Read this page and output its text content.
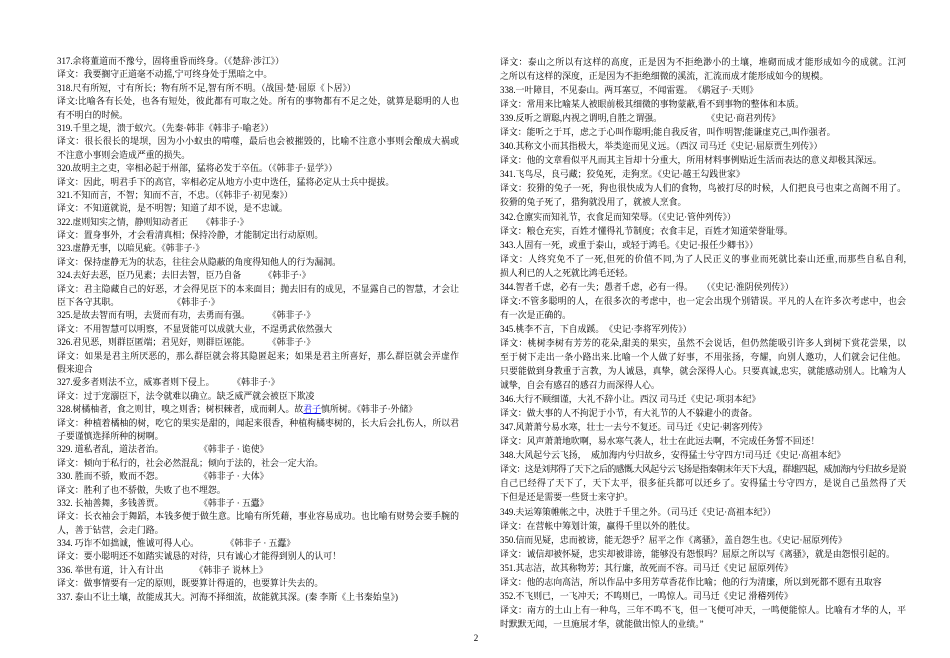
317.余将董道而不豫兮，固将重昏而终身。（《楚辞·涉江》）
译文：我要搁守正道毫不动摇,宁可终身处于黑暗之中。
318.尺有所短，寸有所长；物有所不足,智有所不明。（战国·楚·屈原《卜居》）
译文:比喻各有长处，也各有短处，彼此都有可取之处。所有的事物都有不足之处，就算是聪明的人也
有不明白的时候。
319.千里之堤，溃于蚁穴。（先秦·韩非《韩非子·喻老》）
译文：很长很长的堤坝，因为小小蚁虫的啃噬，最后也会被摧毁的，比喻不注意小事则会酿成大祸或
不注意小事则会造成严重的损失。
320.故明主之吏，宰相必起于州部，猛将必发于卒伍。（《韩非子·显学》）
译文：因此，明君手下的高官，宰相必定从地方小吏中选任，猛将必定从士兵中提拔。
321.不知而言，不智；知而不言，不忠。（《韩非子·初见秦》）
译文：不知道就说，是不明智；知道了却不说，是不忠诚。
322.虚则知实之情，静则知动者正　　《韩非子·》
译文：置身事外，才会看清真相；保持冷静，才能制定出行动原则。
323.虚静无事，以暗见疵。《韩非子·》
译文：保持虚静无为的状态，往往会从隐蔽的角度得知他人的行为漏洞。
324.去好去恶，臣乃见素；去旧去智，臣乃自备　　　《韩非子·》
译文：君主隐藏自己的好恶，才会得见臣下的本来面目；抛去旧有的成见，不显露自己的智慧，才会让
臣下各守其职。　　　　　　　《韩非子·》
325.是故去智而有明，去贤而有功，去勇而有强。　　　《韩非子·》
译文：不用智慧可以明察，不显贤能可以成就大业，不逞勇武依然强大
326.君见恶，则群臣匿端；君见好，则群臣诬能。　　　《韩非子·》
译文：如果是君主所厌恶的，那么群臣就会将其隐匿起来；如果是君主所喜好，那么群臣就会弄虚作
假来迎合
327.爱多者则法不立，威寡者则下侵上。　　　《韩非子·》
译文：过于宠溺臣下，法令就难以确立。缺乏威严就会被臣下欺凌
328.树橘柚者，食之则甘，嗅之则香；树枳棘者，成而刺人。故君子慎所树。《韩非子·外储》
译文：种植着橘柚的树，吃它的果实是甜的，闻起来很香，种植枸橘枣树的，长大后会扎伤人，所以君
子要谨慎选择所种的树啊。
329. 道私者乱，道法者治。　　　　　《韩非子 · 诡使》
译文：倾向于私行的，社会必然混乱；倾向于法的，社会一定大治。
330. 胜而不骄，败而不怨。　　　　　《韩非子 · 大体》
译文：胜利了也不骄傲，失败了也不埋怨。
332. 长袖善舞，多钱善贾。　　　　　《韩非子 · 五蠹》
译文：长衣袖会于舞蹈，本钱多便于做生意。比喻有所凭藉，事业容易成功。也比喻有财势会要手腕的
人，善于钻营，会走门路。
334. 巧诈不如拙诚，惟诚可得人心。　　　　《韩非子 · 五蠹》
译文：要小聪明还不如踏实诚恳的对待，只有诚心才能得到别人的认可！
336. 举世有道，计入有计出　　　　《韩非子 说林上》
译文：做事情要有一定的原则，既要算计得道的，也要算计失去的。
337. 泰山不让土壤，故能成其大。河海不择细流，故能就其深。(秦 李斯《上书秦始皇》)
译文：泰山之所以有这样的高度，正是因为不拒绝渺小的土壤，堆砌而成才能形成如今的成就。江河
之所以有这样的深度，正是因为不拒绝细微的溪流，汇流而成才能形成如今的规模。
338.一叶障目，不见泰山。两耳塞豆，不闻雷霆。　《鹖冠子·天则》
译文：常用来比喻某人被眼前极其细微的事物蒙蔽,看不到事物的整体和本质。
339.反听之谓聪,内视之谓明,自胜之谓强。　　　　　　《史记·商君列传》
译文：能听之于耳，虑之于心叫作聪明;能自我反省，叫作明智;能谦虚克己,叫作强者。
340.其称文小而其指极大，举类迩而见义远。（西汉 司马迁《史记·屈原贾生列传》）
译文：他的文章看似平凡而其主旨却十分重大，所用材料事例贴近生活而表达的意义却极其深远。
341.飞鸟尽，良弓藏；狡兔死，走狗烹。《史记·越王勾践世家》
译文：狡猾的兔子一死，狗也很快成为人们的食物，鸟被打尽的时候，人们把良弓也束之高阁不用了。
狡猾的兔子死了，猎狗就没用了，就被人烹食。
342.仓廪实而知礼节，衣食足而知荣辱。（《史记·管仲列传》）
译文：粮仓充实，百姓才懂得礼节制度；衣食丰足，百姓才知道荣誉耻辱。
343.人固有一死，或重于泰山，或轻于鸿毛。《史记·报任少卿书》）
译文：人终究免不了一死,但死的价值不同,为了人民正义的事业而死就比泰山还重,而那些自私自利,
损人利已的人之死就比鸿毛还轻。
344.智者千虑，必有一失；愚者千虑，必有一得。　　（《史记·淮阴侯列传》）
译文:不管多聪明的人，在很多次的考虑中，也一定会出现个别错误。平凡的人在许多次考虑中，也会
有一次是正确的。
345.桃李不言，下自成蹊。　《史记·李将军列传》）
译文：桃树李树有芳芳的花朵,甜美的果实，虽然不会说话，但仍然能吸引许多人到树下赏花尝果，以
至于树下走出一条小路出来.比喻一个人做了好事，不用张扬，夸耀，向别人邀功，人们就会记住他。
只要能做到身教重于言教，为人诚恳，真挚，就会深得人心。只要真诚,忠实，就能感动别人。比喻为人
诚挚，自会有感召的感召力而深得人心。
346.大行不顾细谨，大礼不辞小让。西汉 司马迁《史记·项羽本纪》
译文：做大事的人不拘泥于小节，有大礼节的人不躲避小的责备。
347.风萧萧兮易水寒，壮士一去兮不复还。司马迁《史记·刺客列传》
译文：风声萧萧地吹啊，易水寒气袭人，壮士在此远去啊，不完成任务誓不回还！
348.大风起兮云飞扬，　威加海内兮归故乡，安得猛士兮守四方!司马迁《史记·高祖本纪》
译文：这是刘邦得了天下之后的感慨.大风起兮云飞扬是指秦朝末年天下大乱，群雄四起，威加海内兮归故乡是说
自己已经得了天下了，天下太平，很多征兵都可以还乡了。安得猛士兮守四方，是说自己虽然得了天
下但是还是需要一些贤士来守护。
349.夫运筹策帷帐之中，决胜于千里之外。（司马迁《史记·高祖本纪》）
译文：在营帐中筹划计策，赢得千里以外的胜仗。
350.信而见疑，忠而被谤，能无怨乎？屈平之作《离骚》，盖自怨生也。《史记·屈原列传》
译文：诚信却被怀疑，忠实却被诽谤，能够没有怨恨吗？屈原之所以写《离骚》，就是由怨恨引起的。
351.其志洁，故其称物芳；其行廉，故死而不容。司马迁《史记 屈原列传》
译文：他的志向高洁，所以作品中多用芳草香花作比喻；他的行为清廉，所以到死都不愿有丑取容
352.不飞则已，一飞冲天；不鸣则已，一鸣惊人。司马迁《史记 滑稽列传》
译文：南方的土山上有一种鸟，三年不鸣不飞，但一飞便可冲天，一鸣便能惊人。比喻有才华的人，平
时默默无闻，一旦施展才华，就能做出惊人的业绩。”
2
